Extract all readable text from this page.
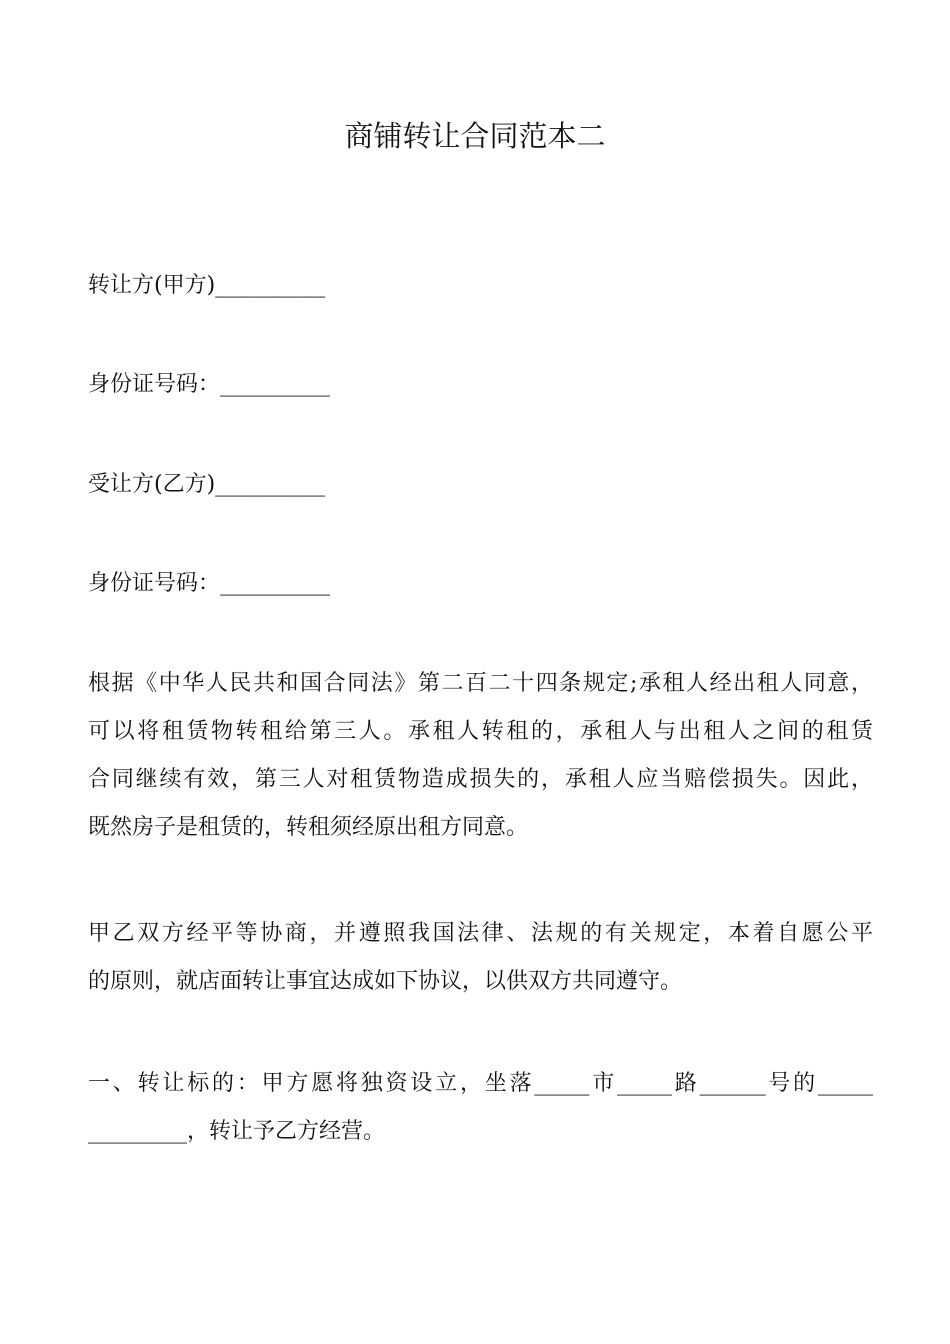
商铺转让合同范本二
转让方(甲方)__________
身份证号码：__________
受让方(乙方)__________
身份证号码：__________
根据《中华人民共和国合同法》第二百二十四条规定;承租人经出租人同意，
可以将租赁物转租给第三人。承租人转租的，承租人与出租人之间的租赁
合同继续有效，第三人对租赁物造成损失的，承租人应当赔偿损失。因此，
既然房子是租赁的，转租须经原出租方同意。
甲乙双方经平等协商，并遵照我国法律、法规的有关规定，本着自愿公平
的原则，就店面转让事宜达成如下协议，以供双方共同遵守。
一、转让标的：甲方愿将独资设立，坐落_____市_____路______号的_____
_________，转让予乙方经营。
